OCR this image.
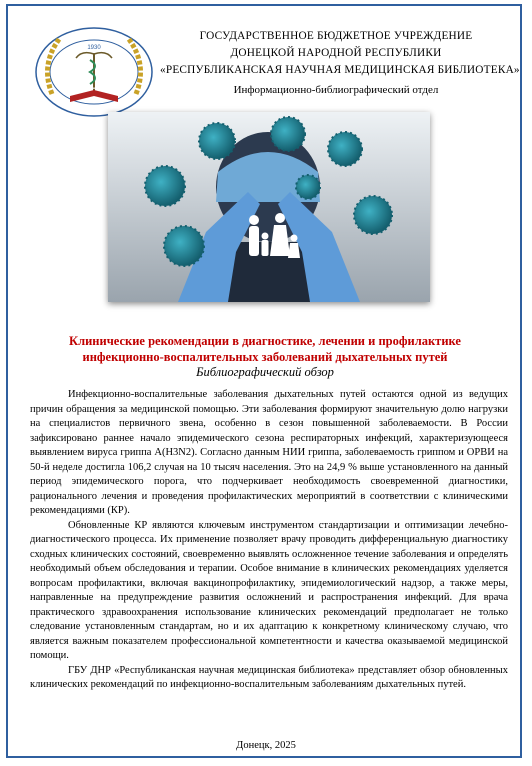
1930
ГОСУДАРСТВЕННОЕ БЮДЖЕТНОЕ УЧРЕЖДЕНИЕ
ДОНЕЦКОЙ НАРОДНОЙ РЕСПУБЛИКИ
«РЕСПУБЛИКАНСКАЯ НАУЧНАЯ МЕДИЦИНСКАЯ БИБЛИОТЕКА»
Информационно-библиографический отдел
Клинические рекомендации в диагностике, лечении и профилактике
инфекционно-воспалительных заболеваний дыхательных путей
Библиографический обзор

Инфекционно-воспалительные заболевания дыхательных путей остаются одной из ведущих причин обращения за медицинской помощью. Эти заболевания формируют значительную долю нагрузки на специалистов первичного звена, особенно в сезон повышенной заболеваемости. В России зафиксировано раннее начало эпидемического сезона респираторных инфекций, характеризующееся выявлением вируса гриппа A(H3N2). Согласно данным НИИ гриппа, заболеваемость гриппом и ОРВИ на 50-й неделе достигла 106,2 случая на 10 тысяч населения. Это на 24,9 % выше установленного на данный период эпидемического порога, что подчеркивает необходимость своевременной диагностики, рационального лечения и проведения профилактических мероприятий в соответствии с клиническими рекомендациями (КР).

Обновленные КР являются ключевым инструментом стандартизации и оптимизации лечебно-диагностического процесса. Их применение позволяет врачу проводить дифференциальную диагностику сходных клинических состояний, своевременно выявлять осложненное течение заболевания и определять необходимый объем обследования и терапии. Особое внимание в клинических рекомендациях уделяется вопросам профилактики, включая вакцинопрофилактику, эпидемиологический надзор, а также меры, направленные на предупреждение развития осложнений и распространения инфекций. Для врача практического здравоохранения использование клинических рекомендаций предполагает не только следование установленным стандартам, но и их адаптацию к конкретному клиническому случаю, что является важным показателем профессиональной компетентности и качества оказываемой медицинской помощи.

ГБУ ДНР «Республиканская научная медицинская библиотека» представляет обзор обновленных клинических рекомендаций по инфекционно-воспалительным заболеваниям дыхательных путей.

Донецк, 2025
